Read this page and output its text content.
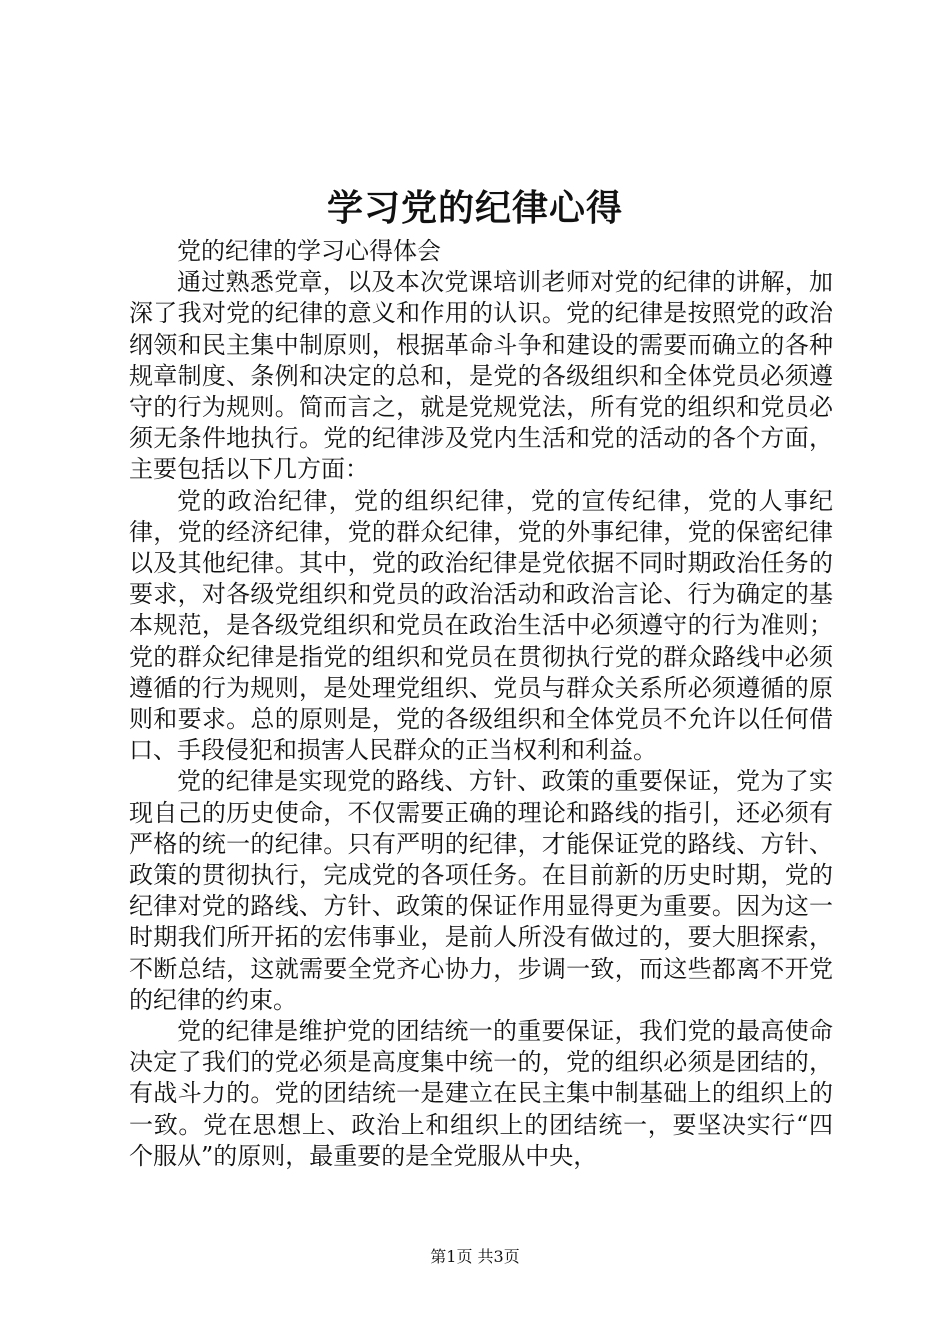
学习党的纪律心得

党的纪律的学习心得体会

通过熟悉党章，以及本次党课培训老师对党的纪律的讲解，加深了我对党的纪律的意义和作用的认识。党的纪律是按照党的政治纲领和民主集中制原则，根据革命斗争和建设的需要而确立的各种规章制度、条例和决定的总和，是党的各级组织和全体党员必须遵守的行为规则。简而言之，就是党规党法，所有党的组织和党员必须无条件地执行。党的纪律涉及党内生活和党的活动的各个方面，主要包括以下几方面：

党的政治纪律，党的组织纪律，党的宣传纪律，党的人事纪律，党的经济纪律，党的群众纪律，党的外事纪律，党的保密纪律以及其他纪律。其中，党的政治纪律是党依据不同时期政治任务的要求，对各级党组织和党员的政治活动和政治言论、行为确定的基本规范，是各级党组织和党员在政治生活中必须遵守的行为准则；党的群众纪律是指党的组织和党员在贯彻执行党的群众路线中必须遵循的行为规则，是处理党组织、党员与群众关系所必须遵循的原则和要求。总的原则是，党的各级组织和全体党员不允许以任何借口、手段侵犯和损害人民群众的正当权利和利益。

党的纪律是实现党的路线、方针、政策的重要保证，党为了实现自己的历史使命，不仅需要正确的理论和路线的指引，还必须有严格的统一的纪律。只有严明的纪律，才能保证党的路线、方针、政策的贯彻执行，完成党的各项任务。在目前新的历史时期，党的纪律对党的路线、方针、政策的保证作用显得更为重要。因为这一时期我们所开拓的宏伟事业，是前人所没有做过的，要大胆探索，不断总结，这就需要全党齐心协力，步调一致，而这些都离不开党的纪律的约束。

党的纪律是维护党的团结统一的重要保证，我们党的最高使命决定了我们的党必须是高度集中统一的，党的组织必须是团结的，有战斗力的。党的团结统一是建立在民主集中制基础上的组织上的一致。党在思想上、政治上和组织上的团结统一，要坚决实行“四个服从”的原则，最重要的是全党服从中央，

第1页 共3页
